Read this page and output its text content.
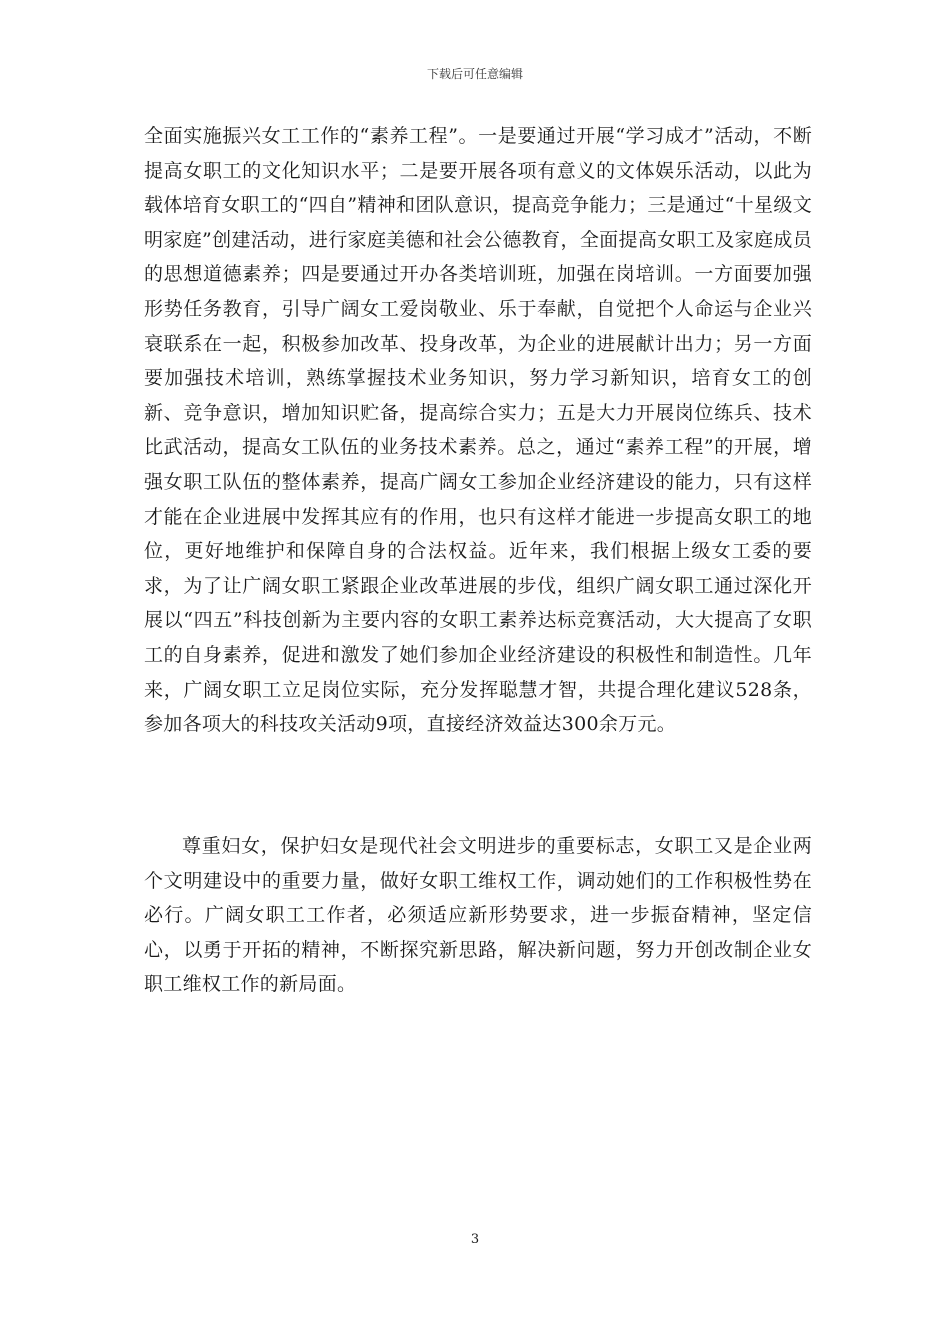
下载后可任意编辑

全面实施振兴女工工作的“素养工程”。一是要通过开展“学习成才”活动，不断提高女职工的文化知识水平；二是要开展各项有意义的文体娱乐活动，以此为载体培育女职工的“四自”精神和团队意识，提高竞争能力；三是通过“十星级文明家庭”创建活动，进行家庭美德和社会公德教育，全面提高女职工及家庭成员的思想道德素养；四是要通过开办各类培训班，加强在岗培训。一方面要加强形势任务教育，引导广阔女工爱岗敬业、乐于奉献，自觉把个人命运与企业兴衰联系在一起，积极参加改革、投身改革，为企业的进展献计出力；另一方面要加强技术培训，熟练掌握技术业务知识，努力学习新知识，培育女工的创新、竞争意识，增加知识贮备，提高综合实力；五是大力开展岗位练兵、技术比武活动，提高女工队伍的业务技术素养。总之，通过“素养工程”的开展，增强女职工队伍的整体素养，提高广阔女工参加企业经济建设的能力，只有这样才能在企业进展中发挥其应有的作用，也只有这样才能进一步提高女职工的地位，更好地维护和保障自身的合法权益。近年来，我们根据上级女工委的要求，为了让广阔女职工紧跟企业改革进展的步伐，组织广阔女职工通过深化开展以“四五”科技创新为主要内容的女职工素养达标竞赛活动，大大提高了女职工的自身素养，促进和激发了她们参加企业经济建设的积极性和制造性。几年来，广阔女职工立足岗位实际，充分发挥聪慧才智，共提合理化建议528条，参加各项大的科技攻关活动9项，直接经济效益达300余万元。

尊重妇女，保护妇女是现代社会文明进步的重要标志，女职工又是企业两个文明建设中的重要力量，做好女职工维权工作，调动她们的工作积极性势在必行。广阔女职工工作者，必须适应新形势要求，进一步振奋精神，坚定信心，以勇于开拓的精神，不断探究新思路，解决新问题，努力开创改制企业女职工维权工作的新局面。

3
